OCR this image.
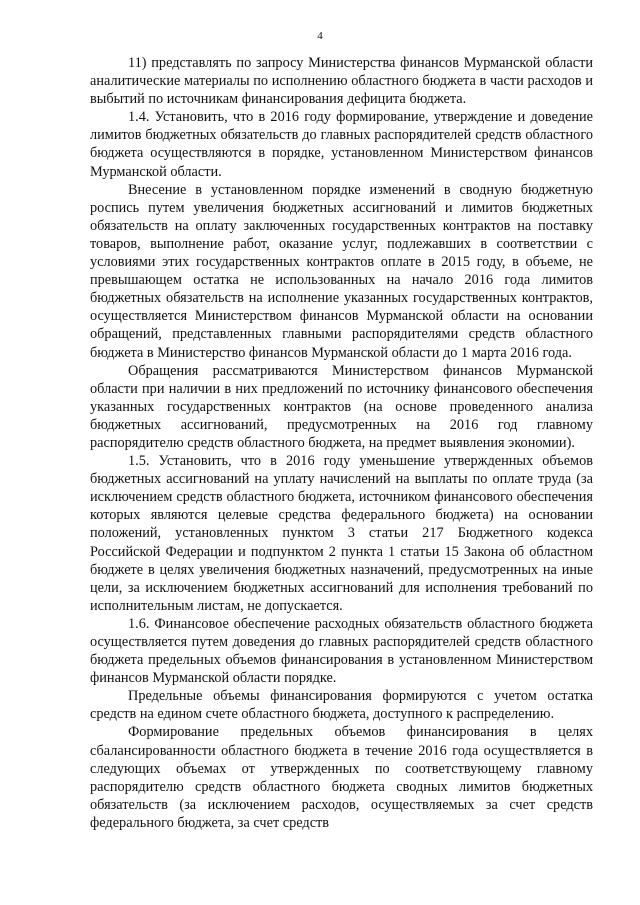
4

11) представлять по запросу Министерства финансов Мурманской области аналитические материалы по исполнению областного бюджета в части расходов и выбытий по источникам финансирования дефицита бюджета.

1.4. Установить, что в 2016 году формирование, утверждение и доведение лимитов бюджетных обязательств до главных распорядителей средств областного бюджета осуществляются в порядке, установленном Министерством финансов Мурманской области.

Внесение в установленном порядке изменений в сводную бюджетную роспись путем увеличения бюджетных ассигнований и лимитов бюджетных обязательств на оплату заключенных государственных контрактов на поставку товаров, выполнение работ, оказание услуг, подлежавших в соответствии с условиями этих государственных контрактов оплате в 2015 году, в объеме, не превышающем остатка не использованных на начало 2016 года лимитов бюджетных обязательств на исполнение указанных государственных контрактов, осуществляется Министерством финансов Мурманской области на основании обращений, представленных главными распорядителями средств областного бюджета в Министерство финансов Мурманской области до 1 марта 2016 года.

Обращения рассматриваются Министерством финансов Мурманской области при наличии в них предложений по источнику финансового обеспечения указанных государственных контрактов (на основе проведенного анализа бюджетных ассигнований, предусмотренных на 2016 год главному распорядителю средств областного бюджета, на предмет выявления экономии).

1.5. Установить, что в 2016 году уменьшение утвержденных объемов бюджетных ассигнований на уплату начислений на выплаты по оплате труда (за исключением средств областного бюджета, источником финансового обеспечения которых являются целевые средства федерального бюджета) на основании положений, установленных пунктом 3 статьи 217 Бюджетного кодекса Российской Федерации и подпунктом 2 пункта 1 статьи 15 Закона об областном бюджете в целях увеличения бюджетных назначений, предусмотренных на иные цели, за исключением бюджетных ассигнований для исполнения требований по исполнительным листам, не допускается.

1.6. Финансовое обеспечение расходных обязательств областного бюджета осуществляется путем доведения до главных распорядителей средств областного бюджета предельных объемов финансирования в установленном Министерством финансов Мурманской области порядке.

Предельные объемы финансирования формируются с учетом остатка средств на едином счете областного бюджета, доступного к распределению.

Формирование предельных объемов финансирования в целях сбалансированности областного бюджета в течение 2016 года осуществляется в следующих объемах от утвержденных по соответствующему главному распорядителю средств областного бюджета сводных лимитов бюджетных обязательств (за исключением расходов, осуществляемых за счет средств федерального бюджета, за счет средств
